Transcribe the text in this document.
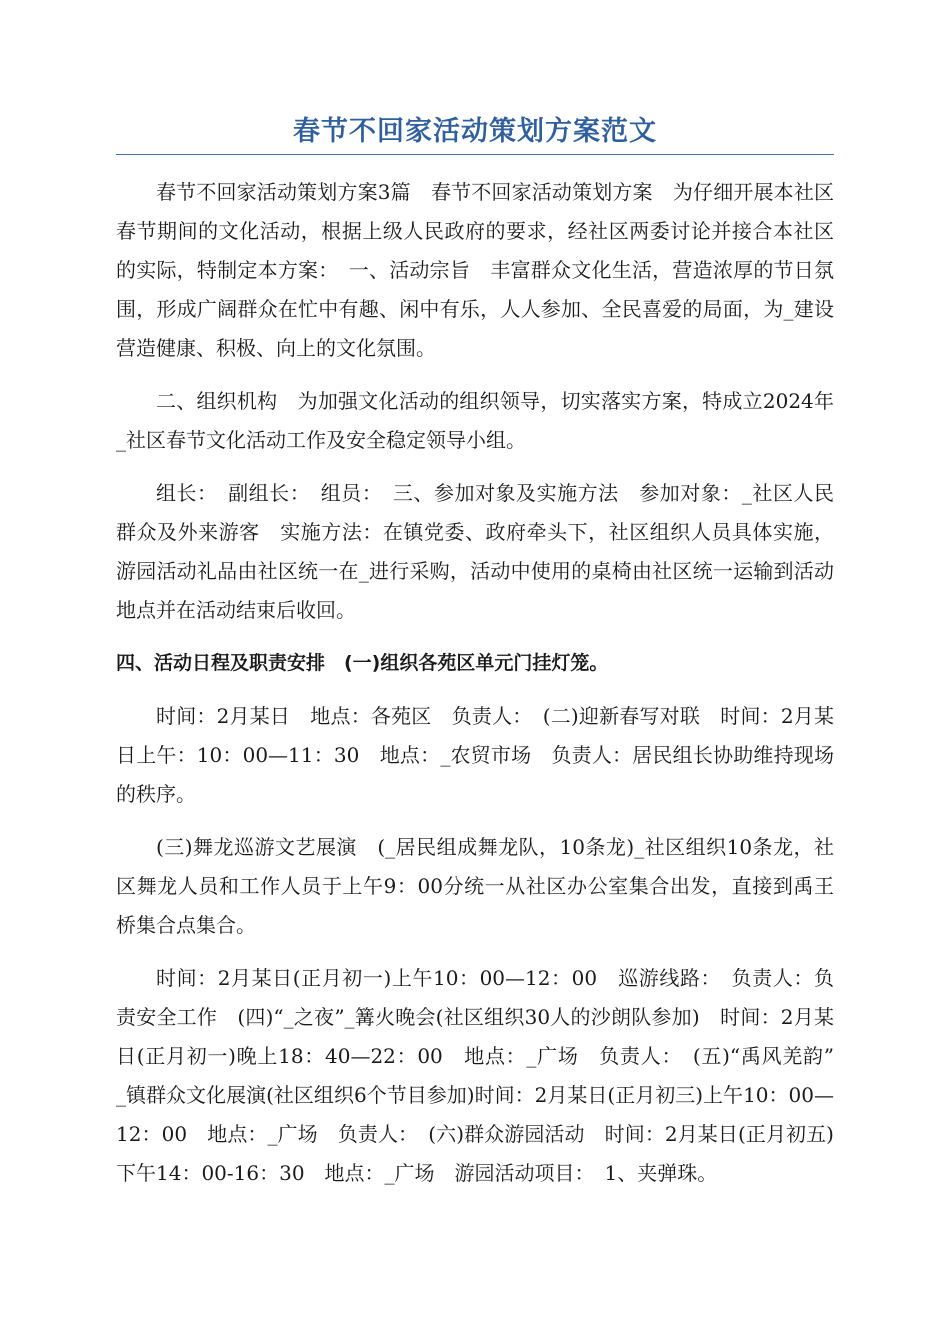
春节不回家活动策划方案范文

春节不回家活动策划方案3篇　春节不回家活动策划方案　为仔细开展本社区春节期间的文化活动，根据上级人民政府的要求，经社区两委讨论并接合本社区的实际，特制定本方案：　一、活动宗旨　丰富群众文化生活，营造浓厚的节日氛围，形成广阔群众在忙中有趣、闲中有乐，人人参加、全民喜爱的局面，为_建设营造健康、积极、向上的文化氛围。

二、组织机构　为加强文化活动的组织领导，切实落实方案，特成立2024年_社区春节文化活动工作及安全稳定领导小组。

组长：　副组长：　组员：　三、参加对象及实施方法　参加对象：_社区人民群众及外来游客　实施方法：在镇党委、政府牵头下，社区组织人员具体实施，游园活动礼品由社区统一在_进行采购，活动中使用的桌椅由社区统一运输到活动地点并在活动结束后收回。

四、活动日程及职责安排　(一)组织各苑区单元门挂灯笼。

时间：2月某日　地点：各苑区　负责人：　(二)迎新春写对联　时间：2月某日上午：10：00—11：30　地点：_农贸市场　负责人：居民组长协助维持现场的秩序。

(三)舞龙巡游文艺展演　(_居民组成舞龙队，10条龙)_社区组织10条龙，社区舞龙人员和工作人员于上午9：00分统一从社区办公室集合出发，直接到禹王桥集合点集合。

时间：2月某日(正月初一)上午10：00—12：00　巡游线路：　负责人：负责安全工作　(四)“_之夜”_篝火晚会(社区组织30人的沙朗队参加)　时间：2月某日(正月初一)晚上18：40—22：00　地点：_广场　负责人：　(五)“禹风羌韵”　_镇群众文化展演(社区组织6个节目参加)时间：2月某日(正月初三)上午10：00—12：00　地点：_广场　负责人：　(六)群众游园活动　时间：2月某日(正月初五)下午14：00-16：30　地点：_广场　游园活动项目：　1、夹弹珠。
